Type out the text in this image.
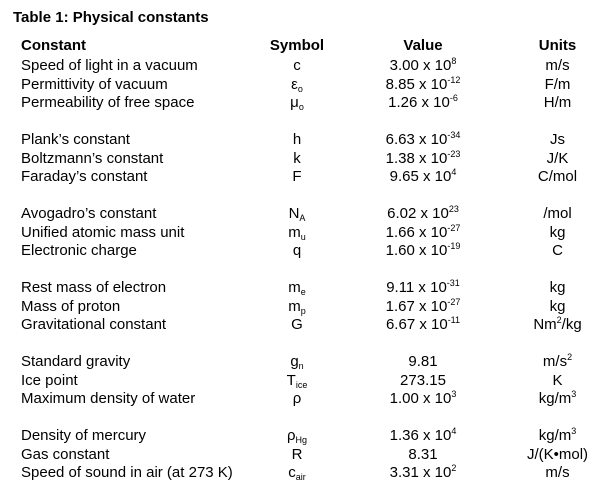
Table 1: Physical constants
Constant	Symbol	Value	Units
Speed of light in a vacuum	c	3.00 x $10^8$	m/s
Permittivity of vacuum	$\varepsilon_o$	8.85 x $10^{-12}$	F/m
Permeability of free space	$\mu_o$	1.26 x $10^{-6}$	H/m
Plank’s constant	h	6.63 x $10^{-34}$	Js
Boltzmann’s constant	k	1.38 x $10^{-23}$	J/K
Faraday’s constant	F	9.65 x $10^4$	C/mol
Avogadro’s constant	$N_A$	6.02 x $10^{23}$	/mol
Unified atomic mass unit	$m_u$	1.66 x $10^{-27}$	kg
Electronic charge	q	1.60 x $10^{-19}$	C
Rest mass of electron	$m_e$	9.11 x $10^{-31}$	kg
Mass of proton	$m_p$	1.67 x $10^{-27}$	kg
Gravitational constant	G	6.67 x $10^{-11}$	Nm$^2$/kg
Standard gravity	$g_n$	9.81	$m/s^2$
Ice point	$T_{ice}$	273.15	K
Maximum density of water	ρ	1.00 x $10^3$	$kg/m^3$
Density of mercury	$\rho_{Hg}$	1.36 x $10^4$	$kg/m^3$
Gas constant	R	8.31	J/(K•mol)
Speed of sound in air (at 273 K)	$c_{air}$	3.31 x $10^2$	m/s
